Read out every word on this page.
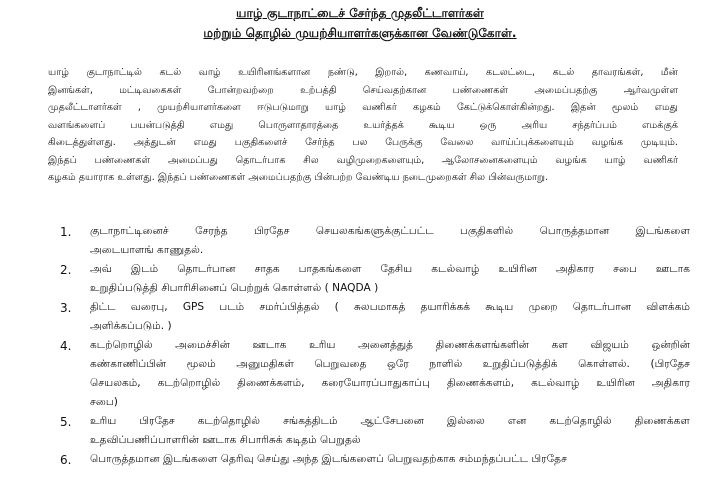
யாழ் குடாநாட்டைச் சேர்ந்த முதலீட்டாளர்கள்
மற்றும் தொழில் முயற்சியாளர்களுக்கான வேண்டுகோள்.
யாழ் குடாநாட்டில் கடல் வாழ் உயிரினங்களான நண்டு, இறால், கணவாய், கடலட்டை, கடல் தாவரங்கள், மீன்
இனங்கள், மட்டிவகைகள் போன்றவற்றை உற்பத்தி செய்வதற்கான பண்ணைகள் அமைப்பதற்கு ஆர்வமுள்ள
முதலீட்டாளர்கள் , முயற்சியாளர்களை ஈடுபடுமாறு யாழ் வணிகர் கழகம் கேட்டுக்கொள்கின்றது. இதன் மூலம் எமது
வளங்களைப் பயன்படுத்தி எமது பொருளாதாரத்தை உயர்த்தக் கூடிய ஒரு அரிய சந்தர்ப்பம் எமக்குக்
கிடைத்துள்ளது. அத்துடன் எமது பகுதிகளைச் சேர்ந்த பல பேருக்கு வேலை வாய்ப்புக்களையும் வழங்க முடியும்.
இந்தப் பண்ணைகள் அமைப்பது தொடர்பாக சில வழிமுறைகளையும், ஆலோசனைகளையும் வழங்க யாழ் வணிகர்
கழகம் தயாராக உள்ளது. இந்தப் பண்ணைகள் அமைப்பதற்கு பின்பற்ற வேண்டிய நடைமுறைகள் சில பின்வருமாறு.
1.	குடாநாட்டினைச் சேரந்த பிரதேச செயலகங்களுக்குட்பட்ட பகுதிகளில் பொருத்தமான இடங்களை
அடையாளங் காணுதல்.
2.	அவ் இடம் தொடர்பான சாதக பாதகங்களை தேசிய கடல்வாழ் உயிரின அதிகார சபை ஊடாக
உறுதிப்படுத்தி சிபாரிசினைப் பெற்றுக் கொள்ளல் ( NAQDA )
3.	திட்ட வரைபு, GPS படம் சமர்ப்பித்தல் ( சுலபமாகத் தயாரிக்கக் கூடிய முறை தொடர்பான விளக்கம்
அளிக்கப்படும். )
4.	கடற்றொழில் அமைச்சின் ஊடாக உரிய அனைத்துத் திணைக்களங்களின் கள விஜயம் ஒன்றின்
கண்காணிப்பின் மூலம் அனுமதிகள் பெறுவதை ஒரே நாளில் உறுதிப்படுத்திக் கொள்ளல். (பிரதேச
செயலகம், கடற்றொழில் திணைக்களம், கரையோரப்பாதுகாப்பு திணைக்களம், கடல்வாழ் உயிரின அதிகார
சபை)
5.	உரிய பிரதேச கடற்தொழில் சங்கத்திடம் ஆட்சேபனை இல்லை என கடற்தொழில் திணைக்கள
உதவிப்பணிப்பாளரின் ஊடாக சிபாரிசுக் கடிதம் பெறுதல்
6.	பொருத்தமான இடங்களை தெரிவு செய்து அந்த இடங்களைப் பெறுவதற்காக சம்மந்தப்பட்ட பிரதேச
